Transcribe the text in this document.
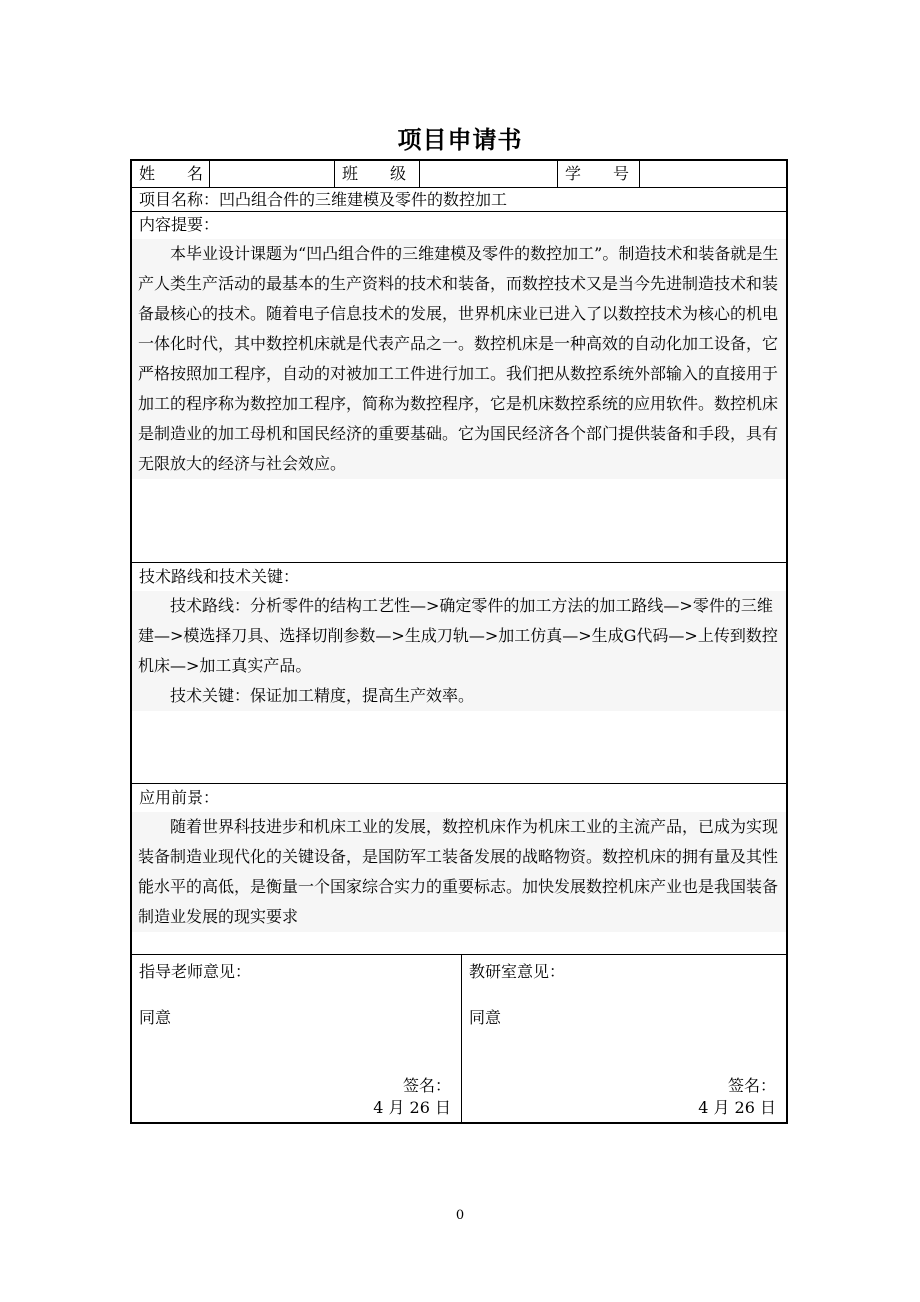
项目申请书
姓　　名	班　　级	学　　号
项目名称：凹凸组合件的三维建模及零件的数控加工
内容提要：

本毕业设计课题为“凹凸组合件的三维建模及零件的数控加工”。制造技术和装备就是生产人类生产活动的最基本的生产资料的技术和装备，而数控技术又是当今先进制造技术和装备最核心的技术。随着电子信息技术的发展，世界机床业已进入了以数控技术为核心的机电一体化时代，其中数控机床就是代表产品之一。数控机床是一种高效的自动化加工设备，它严格按照加工程序，自动的对被加工工件进行加工。我们把从数控系统外部输入的直接用于加工的程序称为数控加工程序，简称为数控程序，它是机床数控系统的应用软件。数控机床是制造业的加工母机和国民经济的重要基础。它为国民经济各个部门提供装备和手段，具有无限放大的经济与社会效应。

技术路线和技术关键：

技术路线：分析零件的结构工艺性—>确定零件的加工方法的加工路线—>零件的三维建—>模选择刀具、选择切削参数—>生成刀轨—>加工仿真—>生成G代码—>上传到数控机床—>加工真实产品。

技术关键：保证加工精度，提高生产效率。

应用前景：

随着世界科技进步和机床工业的发展，数控机床作为机床工业的主流产品，已成为实现装备制造业现代化的关键设备，是国防军工装备发展的战略物资。数控机床的拥有量及其性能水平的高低，是衡量一个国家综合实力的重要标志。加快发展数控机床产业也是我国装备制造业发展的现实要求

指导老师意见：
同意
签名：
4 月 26 日
教研室意见：
同意
签名：
4 月 26 日
0
